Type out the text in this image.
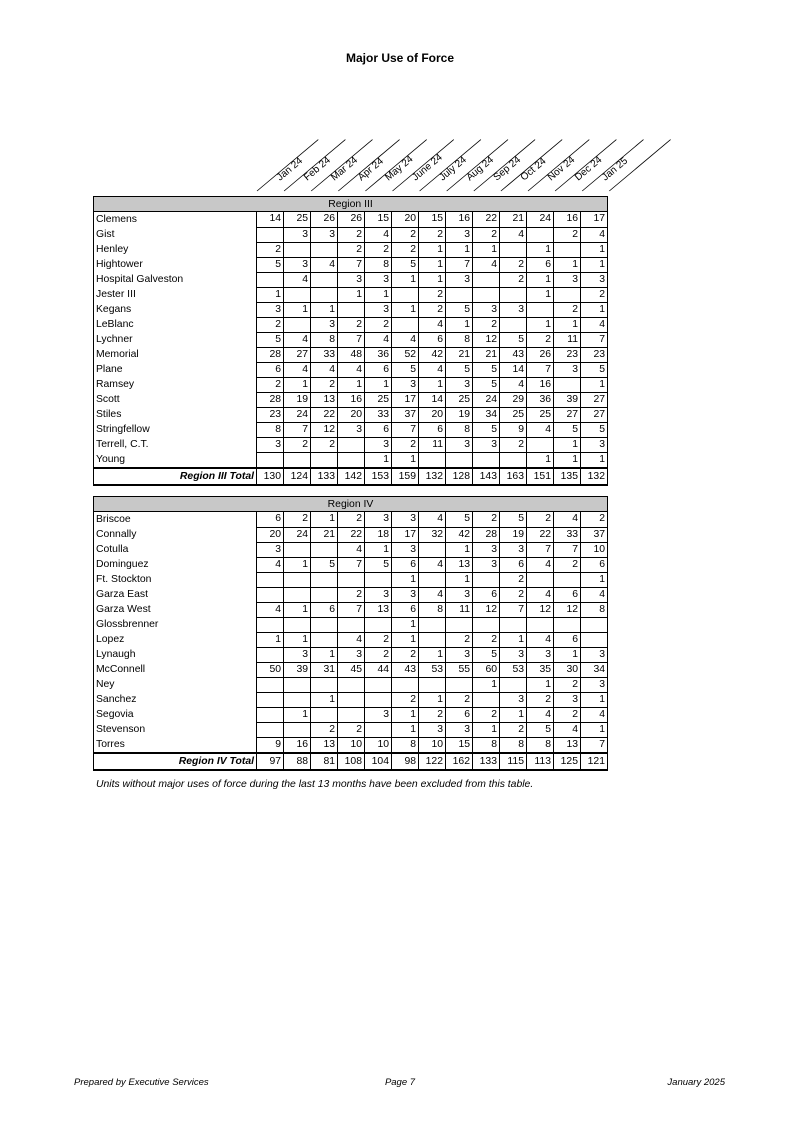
Major Use of Force
Jan 24
Feb 24
Mar 24
Apr 24
May 24
June 24
July 24
Aug 24
Sep 24
Oct 24
Nov 24
Dec 24
Jan 25
Region III													
Clemens	14	25	26	26	15	20	15	16	22	21	24	16	17
Gist		3	3	2	4	2	2	3	2	4		2	4
Henley	2			2	2	2	1	1	1		1		1
Hightower	5	3	4	7	8	5	1	7	4	2	6	1	1
Hospital Galveston		4		3	3	1	1	3		2	1	3	3
Jester III	1			1	1		2				1		2
Kegans	3	1	1		3	1	2	5	3	3		2	1
LeBlanc	2		3	2	2		4	1	2		1	1	4
Lychner	5	4	8	7	4	4	6	8	12	5	2	11	7
Memorial	28	27	33	48	36	52	42	21	21	43	26	23	23
Plane	6	4	4	4	6	5	4	5	5	14	7	3	5
Ramsey	2	1	2	1	1	3	1	3	5	4	16		1
Scott	28	19	13	16	25	17	14	25	24	29	36	39	27
Stiles	23	24	22	20	33	37	20	19	34	25	25	27	27
Stringfellow	8	7	12	3	6	7	6	8	5	9	4	5	5
Terrell, C.T.	3	2	2		3	2	11	3	3	2		1	3
Young					1	1					1	1	1
Region III Total	130	124	133	142	153	159	132	128	143	163	151	135	132
Region IV													
Briscoe	6	2	1	2	3	3	4	5	2	5	2	4	2
Connally	20	24	21	22	18	17	32	42	28	19	22	33	37
Cotulla	3			4	1	3		1	3	3	7	7	10
Dominguez	4	1	5	7	5	6	4	13	3	6	4	2	6
Ft. Stockton						1		1		2			1
Garza East				2	3	3	4	3	6	2	4	6	4
Garza West	4	1	6	7	13	6	8	11	12	7	12	12	8
Glossbrenner						1							
Lopez	1	1		4	2	1		2	2	1	4	6	
Lynaugh		3	1	3	2	2	1	3	5	3	3	1	3
McConnell	50	39	31	45	44	43	53	55	60	53	35	30	34
Ney									1		1	2	3
Sanchez			1			2	1	2		3	2	3	1
Segovia		1			3	1	2	6	2	1	4	2	4
Stevenson			2	2		1	3	3	1	2	5	4	1
Torres	9	16	13	10	10	8	10	15	8	8	8	13	7
Region IV Total	97	88	81	108	104	98	122	162	133	115	113	125	121
Units without major uses of force during the last 13 months have been excluded from this table.
Prepared by Executive Services	Page 7	January 2025
